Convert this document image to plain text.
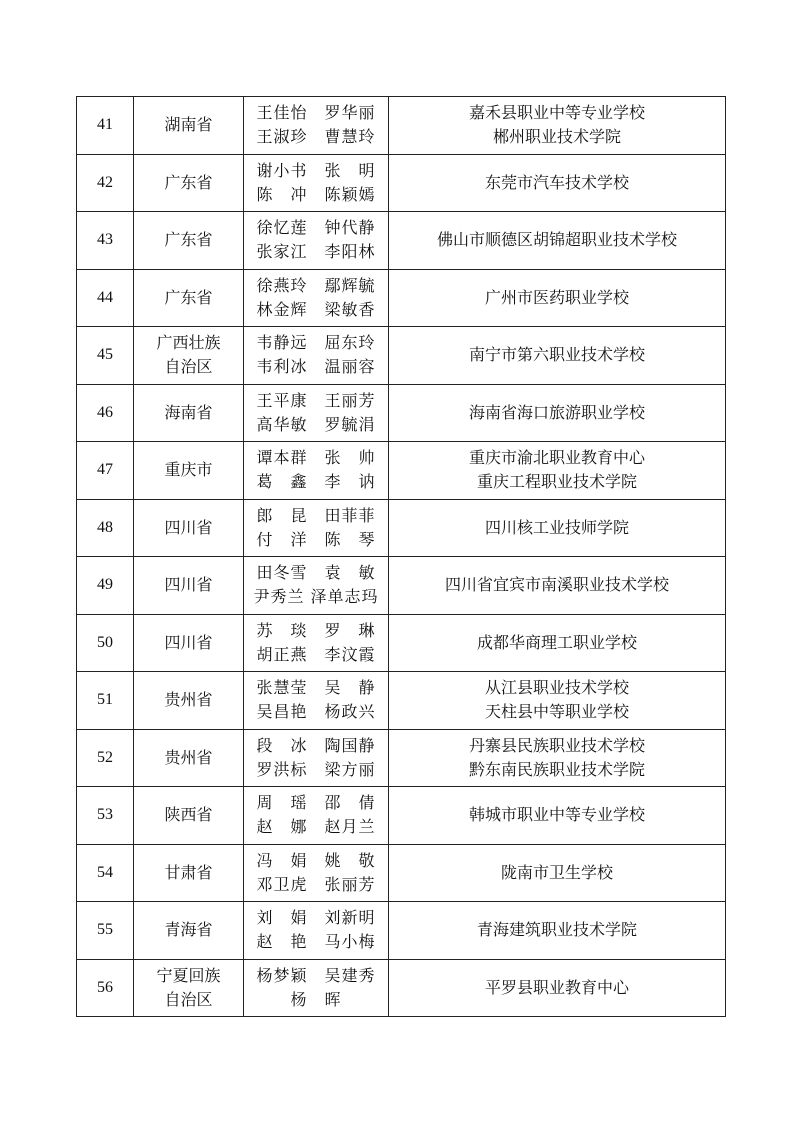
41	湖南省	王佳怡　罗华丽
王淑珍　曹慧玲	嘉禾县职业中等专业学校
郴州职业技术学院

42	广东省	谢小书　张　明
陈　冲　陈颖嫣	东莞市汽车技术学校

43	广东省	徐忆莲　钟代静
张家江　李阳林	佛山市顺德区胡锦超职业技术学校

44	广东省	徐燕玲　鄢辉毓
林金辉　梁敏香	广州市医药职业学校

45	广西壮族
自治区	韦静远　屈东玲
韦利冰　温丽容	南宁市第六职业技术学校

46	海南省	王平康　王丽芳
高华敏　罗毓涓	海南省海口旅游职业学校

47	重庆市	谭本群　张　帅
葛　鑫　李　讷	重庆市渝北职业教育中心
重庆工程职业技术学院

48	四川省	郎　昆　田菲菲
付　洋　陈　琴	四川核工业技师学院

49	四川省	田冬雪　袁　敏
尹秀兰 泽单志玛	四川省宜宾市南溪职业技术学校

50	四川省	苏　琰　罗　琳
胡正燕　李汶霞	成都华商理工职业学校

51	贵州省	张慧莹　吴　静
吴昌艳　杨政兴	从江县职业技术学校
天柱县中等职业学校

52	贵州省	段　冰　陶国静
罗洪标　梁方丽	丹寨县民族职业技术学校
黔东南民族职业技术学院

53	陕西省	周　瑶　邵　倩
赵　娜　赵月兰	韩城市职业中等专业学校

54	甘肃省	冯　娟　姚　敬
邓卫虎　张丽芳	陇南市卫生学校

55	青海省	刘　娟　刘新明
赵　艳　马小梅	青海建筑职业技术学院

56	宁夏回族
自治区	杨梦颖　吴建秀
杨　晖	平罗县职业教育中心
